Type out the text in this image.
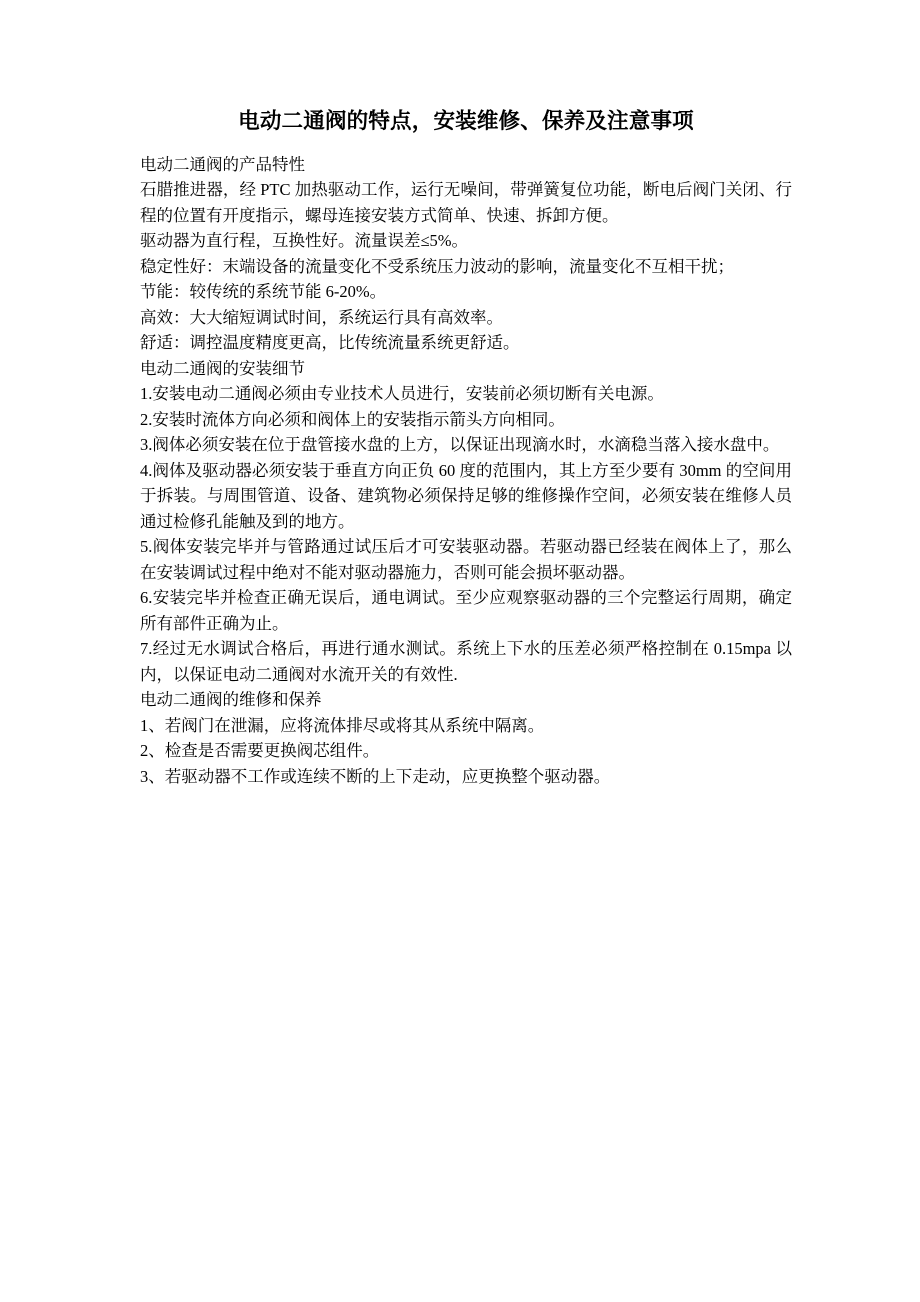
电动二通阀的特点，安装维修、保养及注意事项

电动二通阀的产品特性

石腊推进器，经 PTC 加热驱动工作，运行无噪间，带弹簧复位功能，断电后阀门关闭、行程的位置有开度指示，螺母连接安装方式简单、快速、拆卸方便。

驱动器为直行程，互换性好。流量误差≤5%。

稳定性好：末端设备的流量变化不受系统压力波动的影响，流量变化不互相干扰；

节能：较传统的系统节能 6-20%。

高效：大大缩短调试时间，系统运行具有高效率。

舒适：调控温度精度更高，比传统流量系统更舒适。

电动二通阀的安装细节

1.安装电动二通阀必须由专业技术人员进行，安装前必须切断有关电源。

2.安装时流体方向必须和阀体上的安装指示箭头方向相同。

3.阀体必须安装在位于盘管接水盘的上方，以保证出现滴水时，水滴稳当落入接水盘中。

4.阀体及驱动器必须安装于垂直方向正负 60 度的范围内，其上方至少要有 30mm 的空间用于拆装。与周围管道、设备、建筑物必须保持足够的维修操作空间，必须安装在维修人员通过检修孔能触及到的地方。

5.阀体安装完毕并与管路通过试压后才可安装驱动器。若驱动器已经装在阀体上了，那么在安装调试过程中绝对不能对驱动器施力，否则可能会损坏驱动器。

6.安装完毕并检查正确无误后，通电调试。至少应观察驱动器的三个完整运行周期，确定所有部件正确为止。

7.经过无水调试合格后，再进行通水测试。系统上下水的压差必须严格控制在 0.15mpa 以内，以保证电动二通阀对水流开关的有效性.

电动二通阀的维修和保养

1、若阀门在泄漏，应将流体排尽或将其从系统中隔离。

2、检查是否需要更换阀芯组件。

3、若驱动器不工作或连续不断的上下走动，应更换整个驱动器。
